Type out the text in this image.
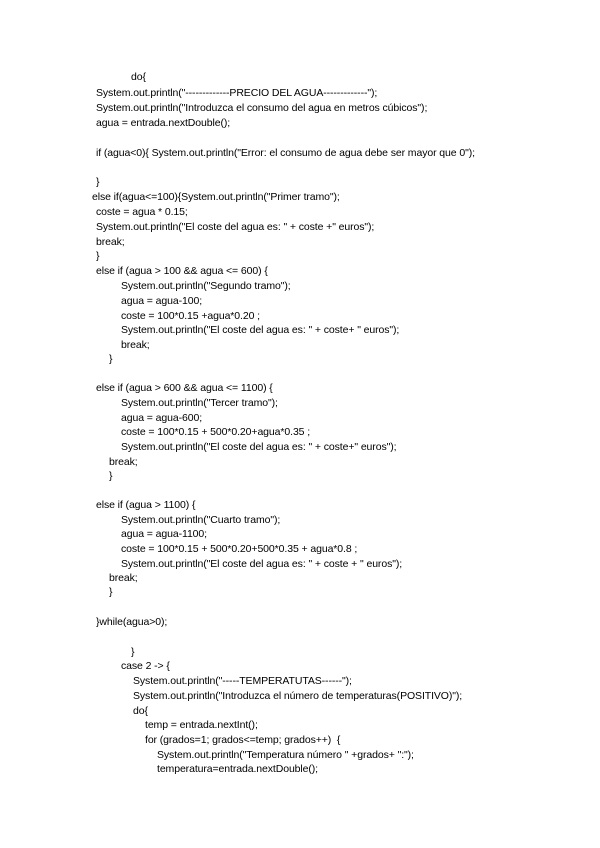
do{
System.out.println("-------------PRECIO DEL AGUA-------------");
System.out.println("Introduzca el consumo del agua en metros cúbicos");
agua = entrada.nextDouble();
if (agua<0){ System.out.println("Error: el consumo de agua debe ser mayor que 0");
}
else if(agua<=100){System.out.println("Primer tramo");
coste = agua * 0.15;
System.out.println("El coste del agua es: " + coste +" euros");
break;
}
else if (agua > 100 && agua <= 600) {
System.out.println("Segundo tramo");
agua = agua-100;
coste = 100*0.15 +agua*0.20 ;
System.out.println("El coste del agua es: " + coste+ " euros");
break;
}
else if (agua > 600 && agua <= 1100) {
System.out.println("Tercer tramo");
agua = agua-600;
coste = 100*0.15 + 500*0.20+agua*0.35 ;
System.out.println("El coste del agua es: " + coste+" euros");
break;
}
else if (agua > 1100) {
System.out.println("Cuarto tramo");
agua = agua-1100;
coste = 100*0.15 + 500*0.20+500*0.35 + agua*0.8 ;
System.out.println("El coste del agua es: " + coste + " euros");
break;
}
}while(agua>0);
}
case 2 -> {
System.out.println("-----TEMPERATUTAS------");
System.out.println("Introduzca el número de temperaturas(POSITIVO)");
do{
temp = entrada.nextInt();
for (grados=1; grados<=temp; grados++)  {
System.out.println("Temperatura número " +grados+ ":");
temperatura=entrada.nextDouble();
